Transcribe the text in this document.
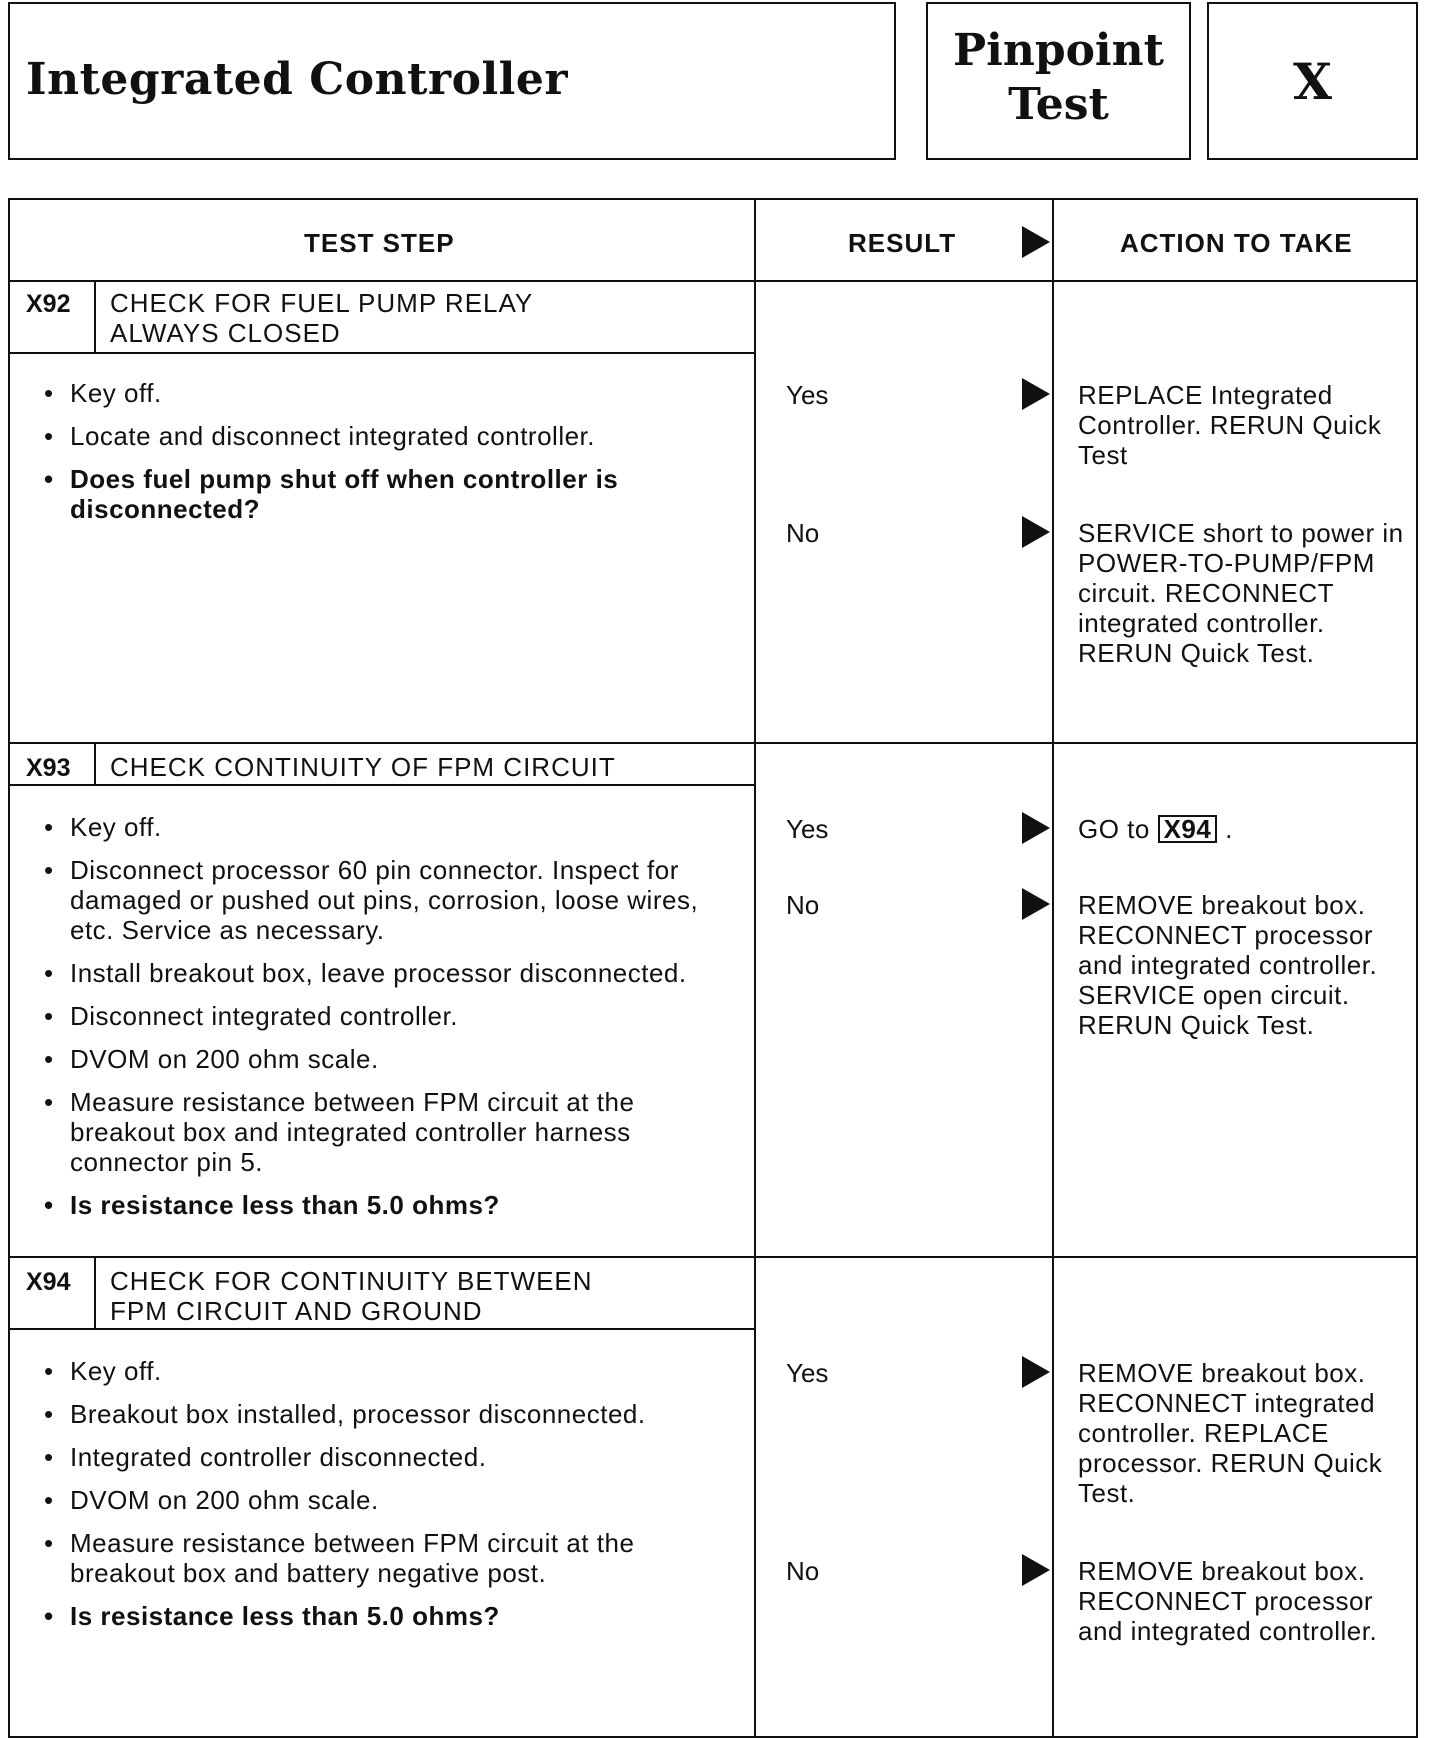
Integrated Controller
Pinpoint
Test	X
TEST STEP	RESULT	ACTION TO TAKE
X92 CHECK FOR FUEL PUMP RELAY
ALWAYS CLOSED
• Key off.
• Locate and disconnect integrated controller.
• Does fuel pump shut off when controller is disconnected?
Yes	REPLACE Integrated Controller. RERUN Quick Test
No	SERVICE short to power in POWER-TO-PUMP/FPM circuit. RECONNECT integrated controller. RERUN Quick Test.
X93 CHECK CONTINUITY OF FPM CIRCUIT
• Key off.
• Disconnect processor 60 pin connector. Inspect for damaged or pushed out pins, corrosion, loose wires, etc. Service as necessary.
• Install breakout box, leave processor disconnected.
• Disconnect integrated controller.
• DVOM on 200 ohm scale.
• Measure resistance between FPM circuit at the breakout box and integrated controller harness connector pin 5.
• Is resistance less than 5.0 ohms?
Yes	GO to X94 .
No	REMOVE breakout box. RECONNECT processor and integrated controller. SERVICE open circuit. RERUN Quick Test.
X94 CHECK FOR CONTINUITY BETWEEN
FPM CIRCUIT AND GROUND
• Key off.
• Breakout box installed, processor disconnected.
• Integrated controller disconnected.
• DVOM on 200 ohm scale.
• Measure resistance between FPM circuit at the breakout box and battery negative post.
• Is resistance less than 5.0 ohms?
Yes	REMOVE breakout box. RECONNECT integrated controller. REPLACE processor. RERUN Quick Test.
No	REMOVE breakout box. RECONNECT processor and integrated controller.
